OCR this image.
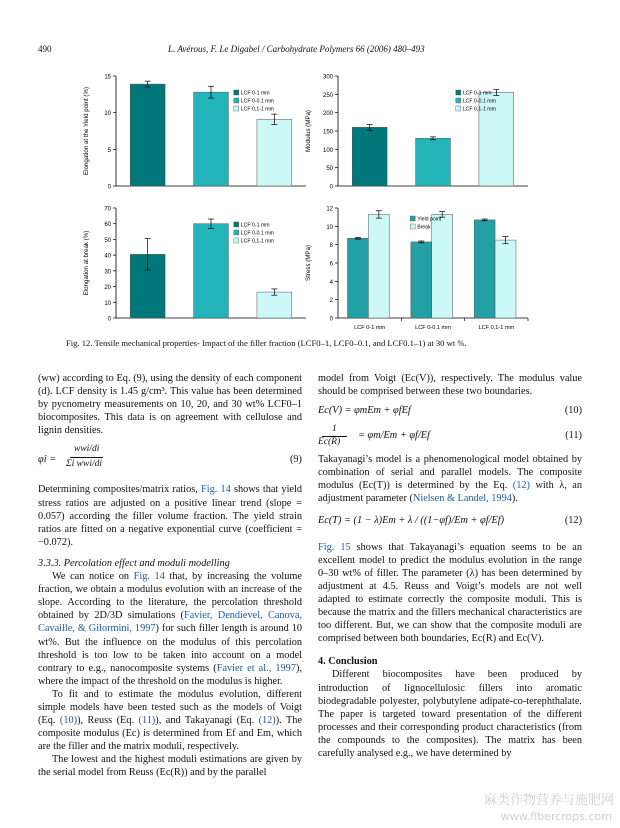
490	L. Avérous, F. Le Digabel / Carbohydrate Polymers 66 (2006) 480–493
0
5
10
15
Elongation at the Yield point (%)	LCF 0-1 mm
LCF 0-0.1 mm
LCF 0,1-1 mm
0
50
100
150
200
250
300
Modulus (MPa)
LCF 0-1 mm
LCF 0-0.1 mm
LCF 0,1-1 mm
0
10
20
30
40
50
60
70
Elongation at break (%)
LCF 0-1 mm
LCF 0-0.1 mm
LCF 0,1-1 mm
0
2
4
6
8
10
12
Stress (MPa)
LCF 0-1 mm	LCF 0-0.1 mm	LCF 0,1-1 mm
Yield point
Break
Fig. 12. Tensile mechanical properties- Impact of the filler fraction (LCF0–1, LCF0–0.1, and LCF0.1–1) at 30 wt %.

(ww) according to Eq. (9), using the density of each component (d). LCF density is 1.45 g/cm³. This value has been determined by pycnometry measurements on 10, 20, and 30 wt% LCF0–1 biocomposites. This data is on agreement with cellulose and lignin densities.

φi =
wwi/di
Σi wwi/di	(9)

Determining composites/matrix ratios, Fig. 14 shows that yield stress ratios are adjusted on a positive linear trend (slope = 0.057) according the filler volume fraction. The yield strain ratios are fitted on a negative exponential curve (coefficient = −0.072).

3.3.3. Percolation effect and moduli modelling

We can notice on Fig. 14 that, by increasing the volume fraction, we obtain a modulus evolution with an increase of the slope. According to the literature, the percolation threshold obtained by 2D/3D simulations (Favier, Dendievel, Canova, Cavaille, & Gilormini, 1997) for such filler length is around 10 wt%. But the influence on the modulus of this percolation threshold is too low to be taken into account on a model contrary to e.g., nanocomposite systems (Favier et al., 1997), where the impact of the threshold on the modulus is higher.

To fit and to estimate the modulus evolution, different simple models have been tested such as the models of Voigt (Eq. (10)), Reuss (Eq. (11)), and Takayanagi (Eq. (12)). The composite modulus (Ec) is determined from Ef and Em, which are the filler and the matrix moduli, respectively.

The lowest and the highest moduli estimations are given by the serial model from Reuss (Ec(R)) and by the parallel

model from Voigt (Ec(V)), respectively. The modulus value should be comprised between these two boundaries.

Ec(V) = φmEm + φfEf	(10)
1
Ec(R)
= φm/Em + φf/Ef	(11)

Takayanagi’s model is a phenomenological model obtained by combination of serial and parallel models. The composite modulus (Ec(T)) is determined by the Eq. (12) with λ, an adjustment parameter (Nielsen & Landel, 1994).

Ec(T) = (1 − λ)Em + λ / ((1−φf)/Em + φf/Ef)	(12)

Fig. 15 shows that Takayanagi’s equation seems to be an excellent model to predict the modulus evolution in the range 0–30 wt% of filler. The parameter (λ) has been determined by adjustment at 4.5. Reuss and Voigt’s models are not well adapted to estimate correctly the composite moduli. This is because the matrix and the fillers mechanical characteristics are too different. But, we can show that the composite moduli are comprised between both boundaries, Ec(R) and Ec(V).

4. Conclusion

Different biocomposites have been produced by introduction of lignocellulosic fillers into aromatic biodegradable polyester, polybutylene adipate-co-terephthalate. The paper is targeted toward presentation of the different processes and their corresponding product characteristics (from the compounds to the composites). The matrix has been carefully analysed e.g., we have determined by

麻类作物营养与施肥网
www.fibercrops.com
